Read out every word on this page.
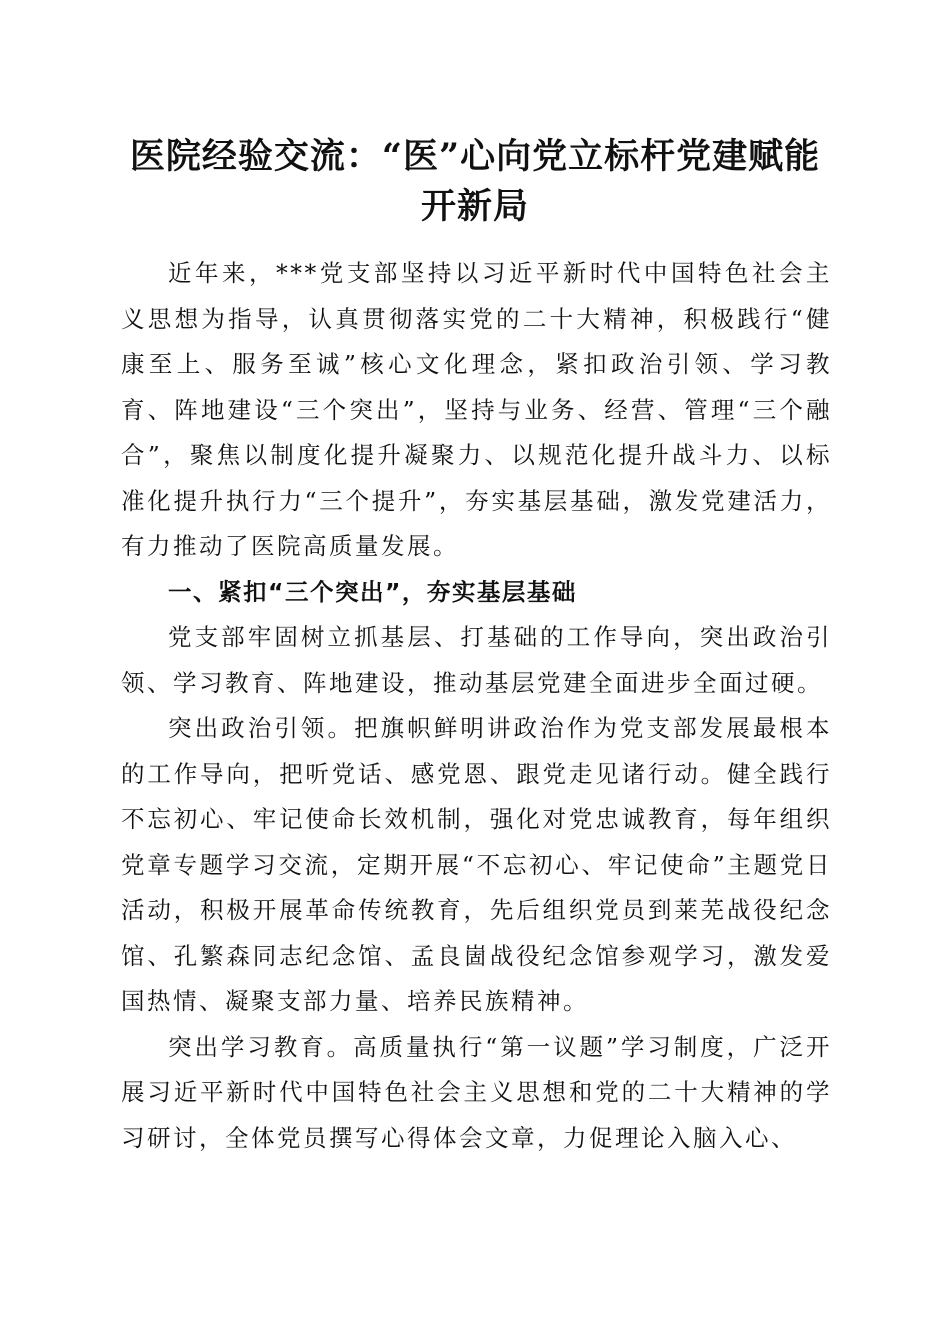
医院经验交流：“医”心向党立标杆党建赋能
开新局

近年来，***党支部坚持以习近平新时代中国特色社会主义思想为指导，认真贯彻落实党的二十大精神，积极践行“健康至上、服务至诚”核心文化理念，紧扣政治引领、学习教育、阵地建设“三个突出”，坚持与业务、经营、管理“三个融合”，聚焦以制度化提升凝聚力、以规范化提升战斗力、以标准化提升执行力“三个提升”，夯实基层基础，激发党建活力，有力推动了医院高质量发展。

一、紧扣“三个突出”，夯实基层基础

党支部牢固树立抓基层、打基础的工作导向，突出政治引领、学习教育、阵地建设，推动基层党建全面进步全面过硬。

突出政治引领。把旗帜鲜明讲政治作为党支部发展最根本的工作导向，把听党话、感党恩、跟党走见诸行动。健全践行不忘初心、牢记使命长效机制，强化对党忠诚教育，每年组织党章专题学习交流，定期开展“不忘初心、牢记使命”主题党日活动，积极开展革命传统教育，先后组织党员到莱芜战役纪念馆、孔繁森同志纪念馆、孟良崮战役纪念馆参观学习，激发爱国热情、凝聚支部力量、培养民族精神。

突出学习教育。高质量执行“第一议题”学习制度，广泛开展习近平新时代中国特色社会主义思想和党的二十大精神的学习研讨，全体党员撰写心得体会文章，力促理论入脑入心、
